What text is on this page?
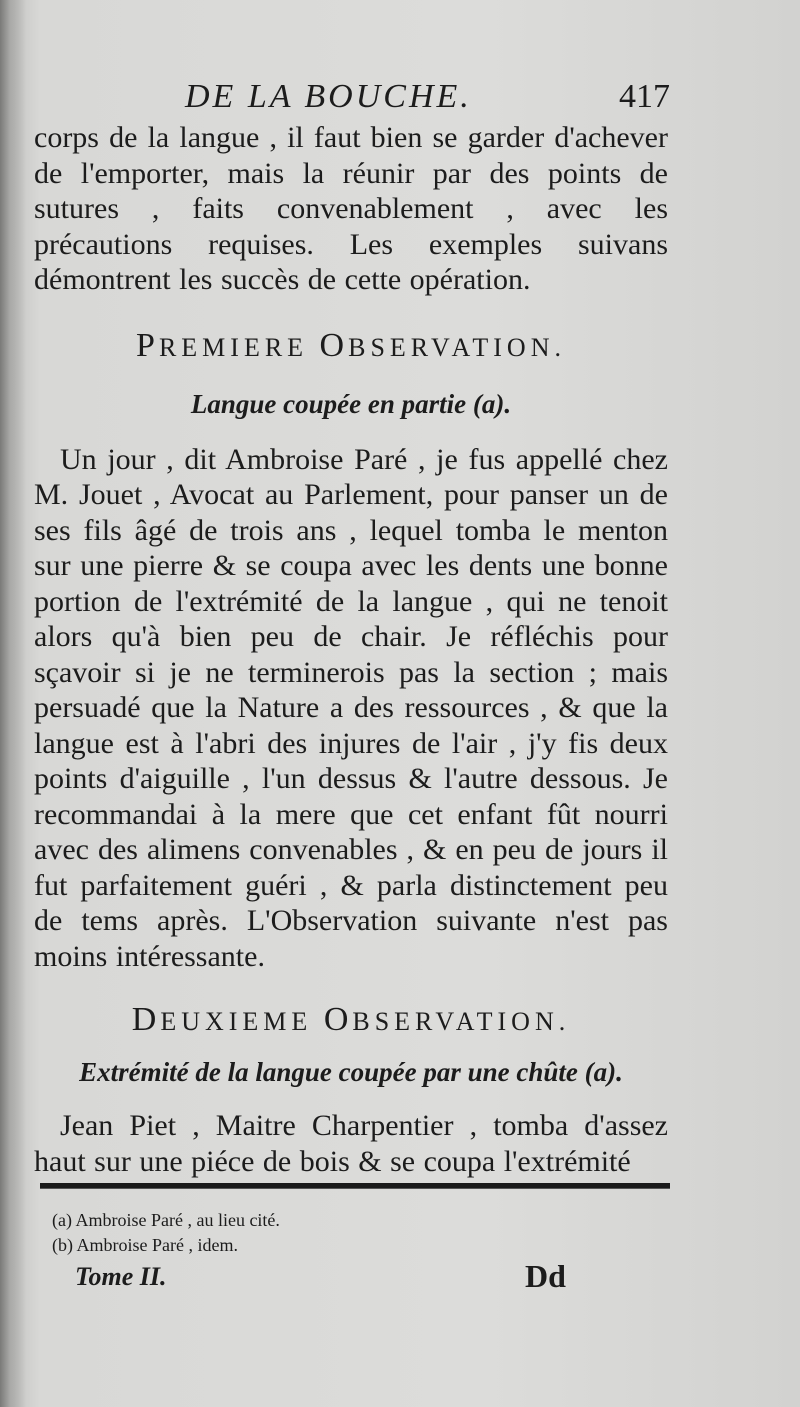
DE LA BOUCHE.	417

corps de la langue , il faut bien se garder d'achever de l'emporter, mais la réunir par des points de sutures , faits convenablement , avec les précautions requises. Les exemples suivans démontrent les succès de cette opération.

PREMIERE OBSERVATION.
Langue coupée en partie (a).

Un jour , dit Ambroise Paré , je fus appellé chez M. Jouet , Avocat au Parlement, pour panser un de ses fils âgé de trois ans , lequel tomba le menton sur une pierre & se coupa avec les dents une bonne portion de l'extrémité de la langue , qui ne tenoit alors qu'à bien peu de chair. Je réfléchis pour sçavoir si je ne terminerois pas la section ; mais persuadé que la Nature a des ressources , & que la langue est à l'abri des injures de l'air , j'y fis deux points d'aiguille , l'un dessus & l'autre dessous. Je recommandai à la mere que cet enfant fût nourri avec des alimens convenables , & en peu de jours il fut parfaitement guéri , & parla distinctement peu de tems après. L'Observation suivante n'est pas moins intéressante.

DEUXIEME OBSERVATION.
Extrémité de la langue coupée par une chûte (a).

Jean Piet , Maitre Charpentier , tomba d'assez haut sur une piéce de bois & se coupa l'extrémité

(a) Ambroise Paré , au lieu cité.
(b) Ambroise Paré , idem.
Tome II.	Dd
